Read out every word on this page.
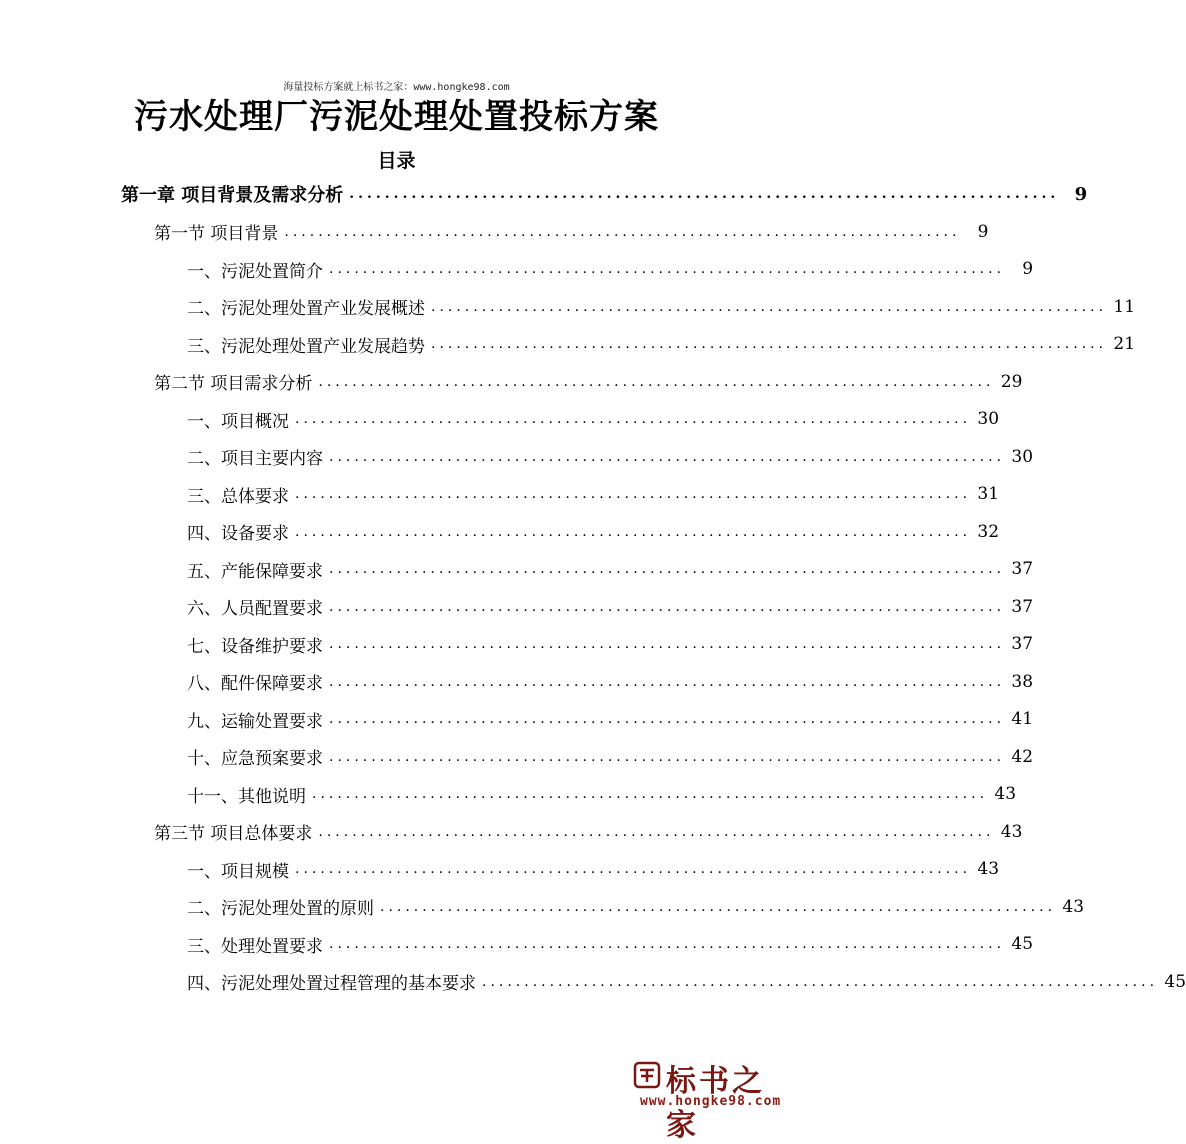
海量投标方案就上标书之家：www.hongke98.com
污水处理厂污泥处理处置投标方案
目录
第一章 项目背景及需求分析 ................................................................................ 9
第一节 项目背景 ................................................................................	9
一、污泥处置简介 ................................................................................	9
二、污泥处理处置产业发展概述 ................................................................................ 11
三、污泥处理处置产业发展趋势 ................................................................................ 21
第二节 项目需求分析 ................................................................................ 29
一、项目概况 ................................................................................ 30
二、项目主要内容 ................................................................................ 30
三、总体要求 ................................................................................ 31
四、设备要求 ................................................................................ 32
五、产能保障要求 ................................................................................ 37
六、人员配置要求 ................................................................................ 37
七、设备维护要求 ................................................................................ 37
八、配件保障要求 ................................................................................ 38
九、运输处置要求 ................................................................................ 41
十、应急预案要求 ................................................................................ 42
十一、其他说明 ................................................................................ 43
第三节 项目总体要求 ................................................................................ 43
一、项目规模 ................................................................................ 43
二、污泥处理处置的原则 ................................................................................ 43
三、处理处置要求 ................................................................................ 45
四、污泥处理处置过程管理的基本要求 ................................................................................ 45
标书之家
www.hongke98.com
